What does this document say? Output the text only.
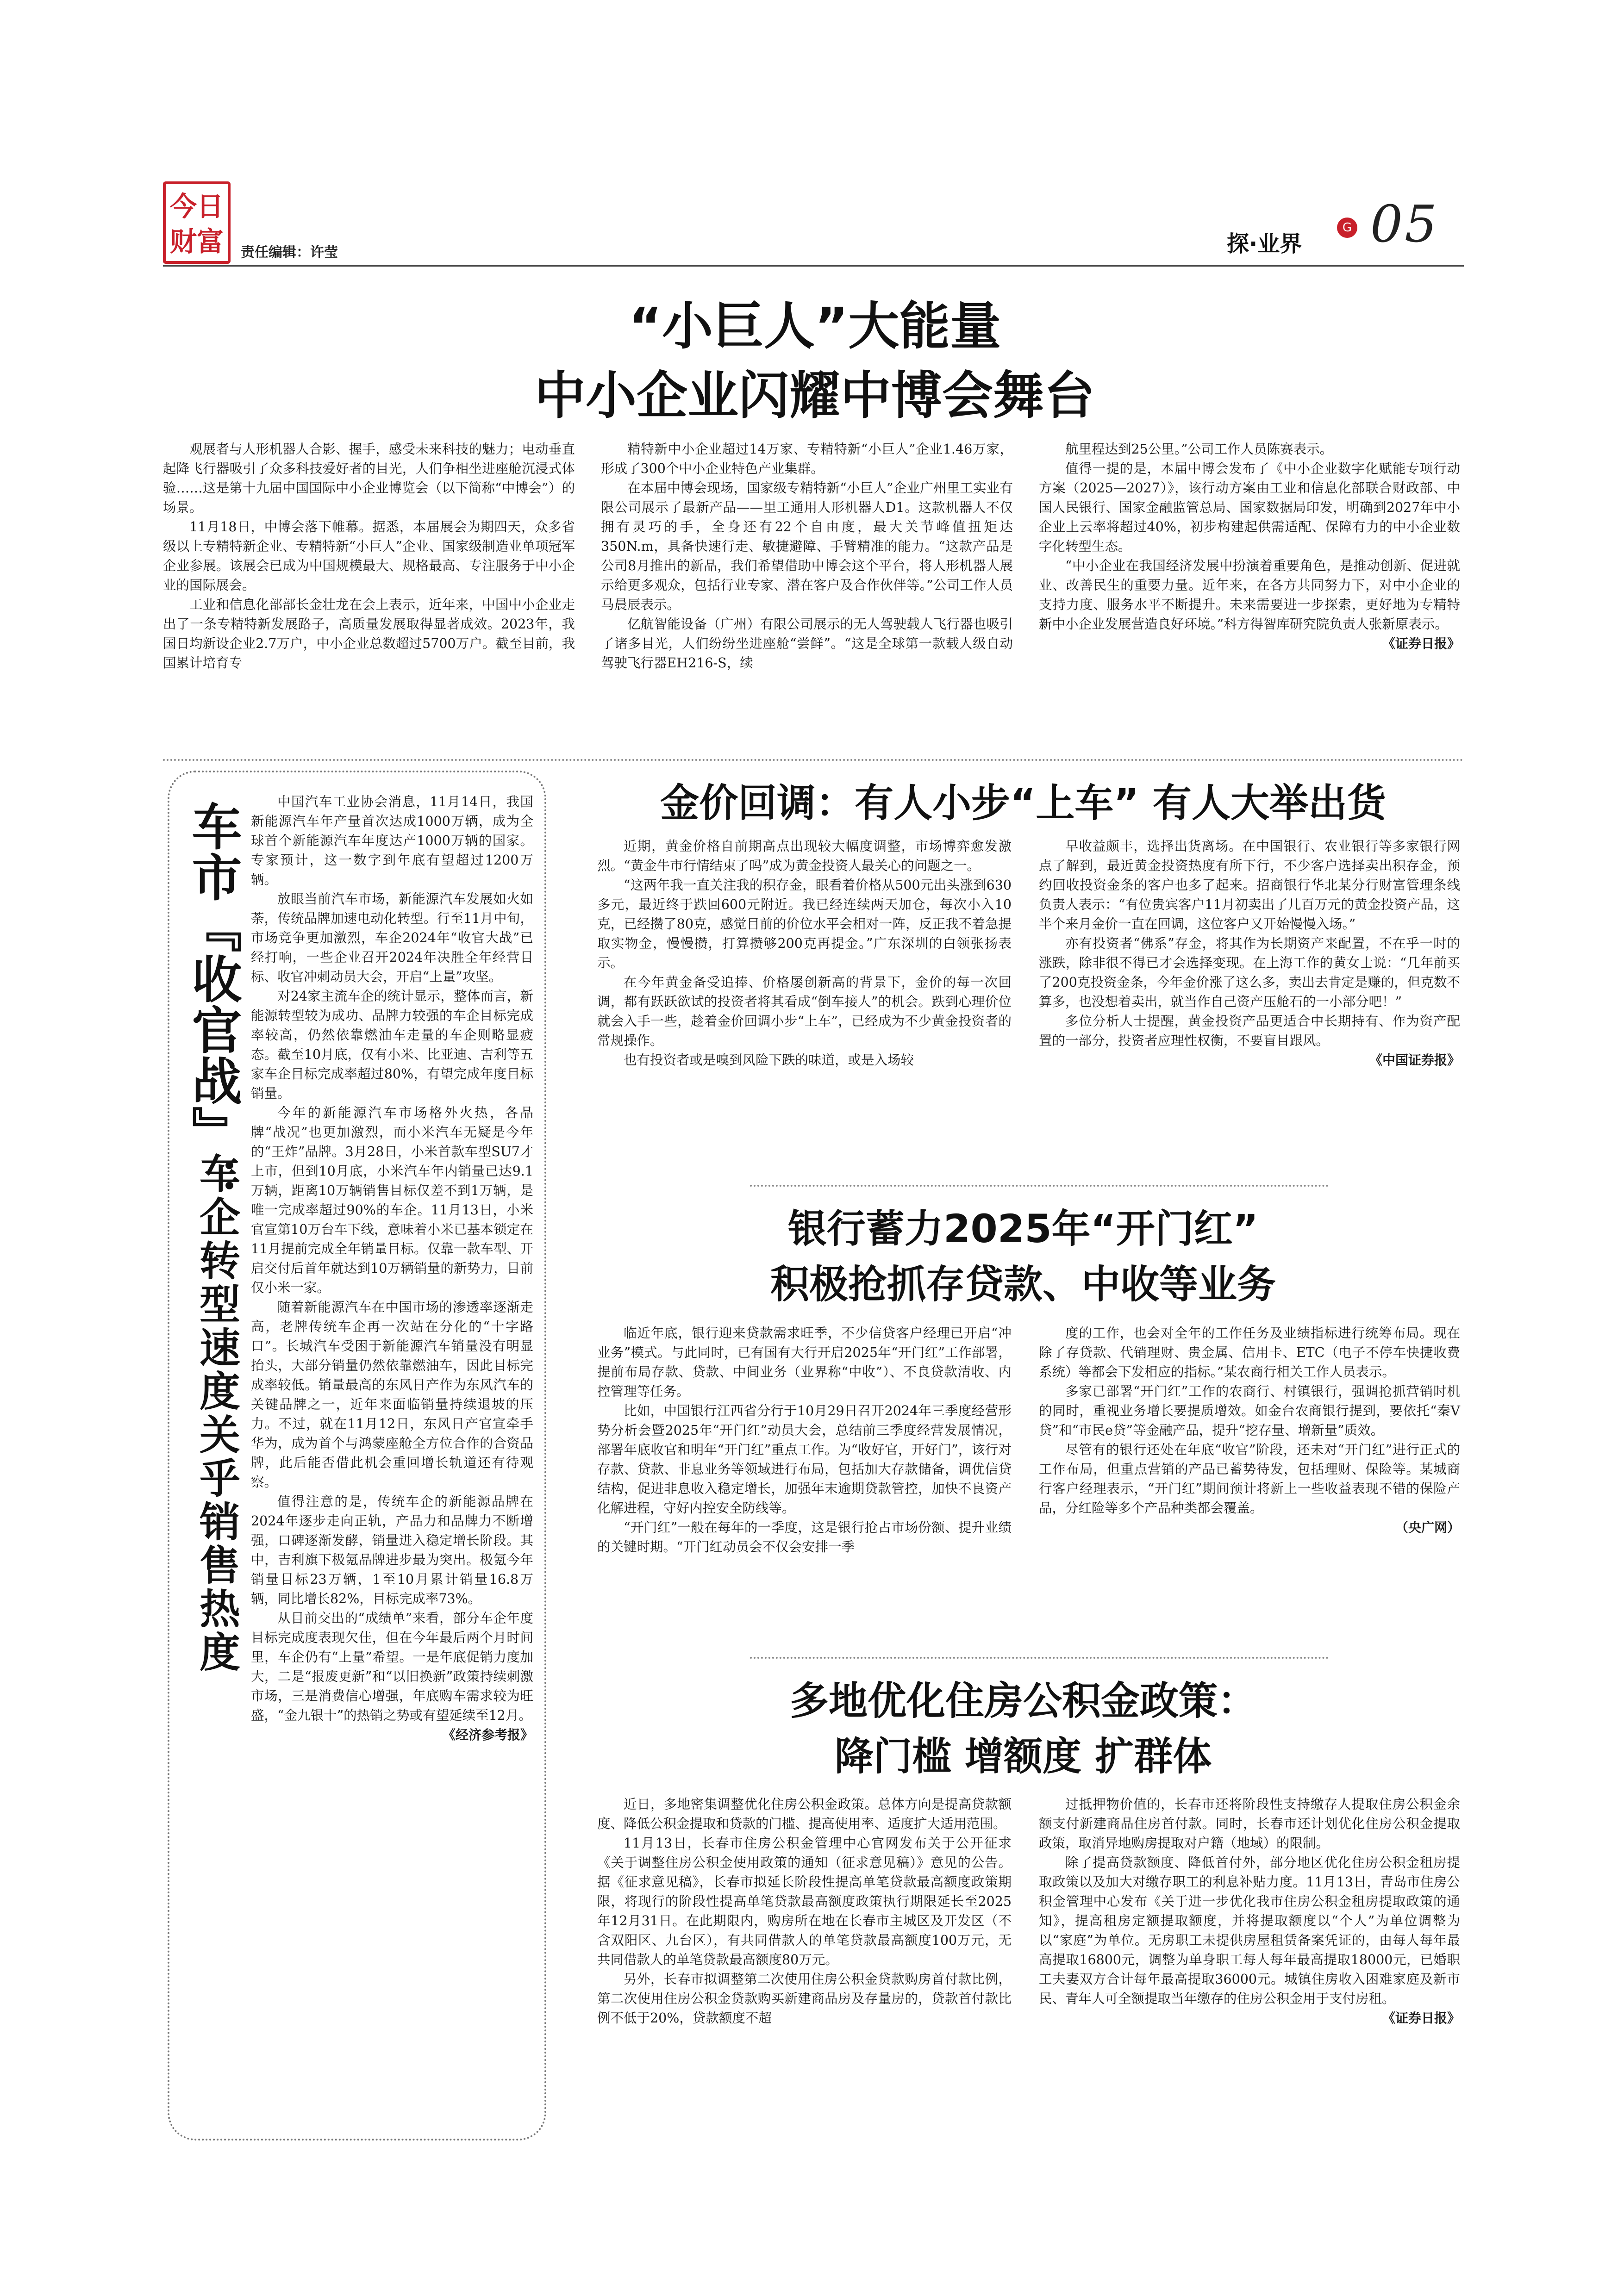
今日
财富	责任编辑：许莹	探·业界
G 05
“小巨人”大能量
中小企业闪耀中博会舞台

观展者与人形机器人合影、握手，感受未来科技的魅力；电动垂直起降飞行器吸引了众多科技爱好者的目光，人们争相坐进座舱沉浸式体验……这是第十九届中国国际中小企业博览会（以下简称“中博会”）的场景。

11月18日，中博会落下帷幕。据悉，本届展会为期四天，众多省级以上专精特新企业、专精特新“小巨人”企业、国家级制造业单项冠军企业参展。该展会已成为中国规模最大、规格最高、专注服务于中小企业的国际展会。

工业和信息化部部长金壮龙在会上表示，近年来，中国中小企业走出了一条专精特新发展路子，高质量发展取得显著成效。2023年，我国日均新设企业2.7万户，中小企业总数超过5700万户。截至目前，我国累计培育专

精特新中小企业超过14万家、专精特新“小巨人”企业1.46万家，形成了300个中小企业特色产业集群。

在本届中博会现场，国家级专精特新“小巨人”企业广州里工实业有限公司展示了最新产品——里工通用人形机器人D1。这款机器人不仅拥有灵巧的手，全身还有22个自由度，最大关节峰值扭矩达350N.m，具备快速行走、敏捷避障、手臂精准的能力。“这款产品是公司8月推出的新品，我们希望借助中博会这个平台，将人形机器人展示给更多观众，包括行业专家、潜在客户及合作伙伴等。”公司工作人员马晨辰表示。

亿航智能设备（广州）有限公司展示的无人驾驶载人飞行器也吸引了诸多目光，人们纷纷坐进座舱“尝鲜”。“这是全球第一款载人级自动驾驶飞行器EH216-S，续

航里程达到25公里。”公司工作人员陈赛表示。

值得一提的是，本届中博会发布了《中小企业数字化赋能专项行动方案（2025—2027）》，该行动方案由工业和信息化部联合财政部、中国人民银行、国家金融监管总局、国家数据局印发，明确到2027年中小企业上云率将超过40%，初步构建起供需适配、保障有力的中小企业数字化转型生态。

“中小企业在我国经济发展中扮演着重要角色，是推动创新、促进就业、改善民生的重要力量。近年来，在各方共同努力下，对中小企业的支持力度、服务水平不断提升。未来需要进一步探索，更好地为专精特新中小企业发展营造良好环境。”科方得智库研究院负责人张新原表示。

《证券日报》
车市『收官战』：
车企转型速度关乎销售热度

中国汽车工业协会消息，11月14日，我国新能源汽车年产量首次达成1000万辆，成为全球首个新能源汽车年度达产1000万辆的国家。专家预计，这一数字到年底有望超过1200万辆。

放眼当前汽车市场，新能源汽车发展如火如荼，传统品牌加速电动化转型。行至11月中旬，市场竞争更加激烈，车企2024年“收官大战”已经打响，一些企业召开2024年决胜全年经营目标、收官冲刺动员大会，开启“上量”攻坚。

对24家主流车企的统计显示，整体而言，新能源转型较为成功、品牌力较强的车企目标完成率较高，仍然依靠燃油车走量的车企则略显疲态。截至10月底，仅有小米、比亚迪、吉利等五家车企目标完成率超过80%，有望完成年度目标销量。

今年的新能源汽车市场格外火热，各品牌“战况”也更加激烈，而小米汽车无疑是今年的“王炸”品牌。3月28日，小米首款车型SU7才上市，但到10月底，小米汽车年内销量已达9.1万辆，距离10万辆销售目标仅差不到1万辆，是唯一完成率超过90%的车企。11月13日，小米官宣第10万台车下线，意味着小米已基本锁定在11月提前完成全年销量目标。仅靠一款车型、开启交付后首年就达到10万辆销量的新势力，目前仅小米一家。

随着新能源汽车在中国市场的渗透率逐渐走高，老牌传统车企再一次站在分化的“十字路口”。长城汽车受困于新能源汽车销量没有明显抬头，大部分销量仍然依靠燃油车，因此目标完成率较低。销量最高的东风日产作为东风汽车的关键品牌之一，近年来面临销量持续退坡的压力。不过，就在11月12日，东风日产官宣牵手华为，成为首个与鸿蒙座舱全方位合作的合资品牌，此后能否借此机会重回增长轨道还有待观察。

值得注意的是，传统车企的新能源品牌在2024年逐步走向正轨，产品力和品牌力不断增强，口碑逐渐发酵，销量进入稳定增长阶段。其中，吉利旗下极氪品牌进步最为突出。极氪今年销量目标23万辆，1至10月累计销量16.8万辆，同比增长82%，目标完成率73%。

从目前交出的“成绩单”来看，部分车企年度目标完成度表现欠佳，但在今年最后两个月时间里，车企仍有“上量”希望。一是年底促销力度加大，二是“报废更新”和“以旧换新”政策持续刺激市场，三是消费信心增强，年底购车需求较为旺盛，“金九银十”的热销之势或有望延续至12月。

《经济参考报》
金价回调：有人小步“上车” 有人大举出货

近期，黄金价格自前期高点出现较大幅度调整，市场博弈愈发激烈。“黄金牛市行情结束了吗”成为黄金投资人最关心的问题之一。

“这两年我一直关注我的积存金，眼看着价格从500元出头涨到630多元，最近终于跌回600元附近。我已经连续两天加仓，每次小入10克，已经攒了80克，感觉目前的价位水平会相对一阵，反正我不着急提取实物金，慢慢攒，打算攒够200克再提金。”广东深圳的白领张扬表示。

在今年黄金备受追捧、价格屡创新高的背景下，金价的每一次回调，都有跃跃欲试的投资者将其看成“倒车接人”的机会。跌到心理价位就会入手一些，趁着金价回调小步“上车”，已经成为不少黄金投资者的常规操作。

也有投资者或是嗅到风险下跌的味道，或是入场较

早收益颇丰，选择出货离场。在中国银行、农业银行等多家银行网点了解到，最近黄金投资热度有所下行，不少客户选择卖出积存金，预约回收投资金条的客户也多了起来。招商银行华北某分行财富管理条线负责人表示：“有位贵宾客户11月初卖出了几百万元的黄金投资产品，这半个来月金价一直在回调，这位客户又开始慢慢入场。”

亦有投资者“佛系”存金，将其作为长期资产来配置，不在乎一时的涨跌，除非很不得已才会选择变现。在上海工作的黄女士说：“几年前买了200克投资金条，今年金价涨了这么多，卖出去肯定是赚的，但克数不算多，也没想着卖出，就当作自己资产压舱石的一小部分吧！”

多位分析人士提醒，黄金投资产品更适合中长期持有、作为资产配置的一部分，投资者应理性权衡，不要盲目跟风。

《中国证券报》
银行蓄力2025年“开门红”
积极抢抓存贷款、中收等业务

临近年底，银行迎来贷款需求旺季，不少信贷客户经理已开启“冲业务”模式。与此同时，已有国有大行开启2025年“开门红”工作部署，提前布局存款、贷款、中间业务（业界称“中收”）、不良贷款清收、内控管理等任务。

比如，中国银行江西省分行于10月29日召开2024年三季度经营形势分析会暨2025年“开门红”动员大会，总结前三季度经营发展情况，部署年底收官和明年“开门红”重点工作。为“收好官，开好门”，该行对存款、贷款、非息业务等领域进行布局，包括加大存款储备，调优信贷结构，促进非息收入稳定增长，加强年末逾期贷款管控，加快不良资产化解进程，守好内控安全防线等。

“开门红”一般在每年的一季度，这是银行抢占市场份额、提升业绩的关键时期。“开门红动员会不仅会安排一季

度的工作，也会对全年的工作任务及业绩指标进行统筹布局。现在除了存贷款、代销理财、贵金属、信用卡、ETC（电子不停车快捷收费系统）等都会下发相应的指标。”某农商行相关工作人员表示。

多家已部署“开门红”工作的农商行、村镇银行，强调抢抓营销时机的同时，重视业务增长要提质增效。如金台农商银行提到，要依托“秦V贷”和“市民e贷”等金融产品，提升“挖存量、增新量”质效。

尽管有的银行还处在年底“收官”阶段，还未对“开门红”进行正式的工作布局，但重点营销的产品已蓄势待发，包括理财、保险等。某城商行客户经理表示，“开门红”期间预计将新上一些收益表现不错的保险产品，分红险等多个产品种类都会覆盖。

（央广网）
多地优化住房公积金政策：
降门槛 增额度 扩群体

近日，多地密集调整优化住房公积金政策。总体方向是提高贷款额度、降低公积金提取和贷款的门槛、提高使用率、适度扩大适用范围。

11月13日，长春市住房公积金管理中心官网发布关于公开征求《关于调整住房公积金使用政策的通知（征求意见稿）》意见的公告。据《征求意见稿》，长春市拟延长阶段性提高单笔贷款最高额度政策期限，将现行的阶段性提高单笔贷款最高额度政策执行期限延长至2025年12月31日。在此期限内，购房所在地在长春市主城区及开发区（不含双阳区、九台区），有共同借款人的单笔贷款最高额度100万元，无共同借款人的单笔贷款最高额度80万元。

另外，长春市拟调整第二次使用住房公积金贷款购房首付款比例，第二次使用住房公积金贷款购买新建商品房及存量房的，贷款首付款比例不低于20%，贷款额度不超

过抵押物价值的，长春市还将阶段性支持缴存人提取住房公积金余额支付新建商品住房首付款。同时，长春市还计划优化住房公积金提取政策，取消异地购房提取对户籍（地域）的限制。

除了提高贷款额度、降低首付外，部分地区优化住房公积金租房提取政策以及加大对缴存职工的利息补贴力度。11月13日，青岛市住房公积金管理中心发布《关于进一步优化我市住房公积金租房提取政策的通知》，提高租房定额提取额度，并将提取额度以“个人”为单位调整为以“家庭”为单位。无房职工未提供房屋租赁备案凭证的，由每人每年最高提取16800元，调整为单身职工每人每年最高提取18000元，已婚职工夫妻双方合计每年最高提取36000元。城镇住房收入困难家庭及新市民、青年人可全额提取当年缴存的住房公积金用于支付房租。

《证券日报》
